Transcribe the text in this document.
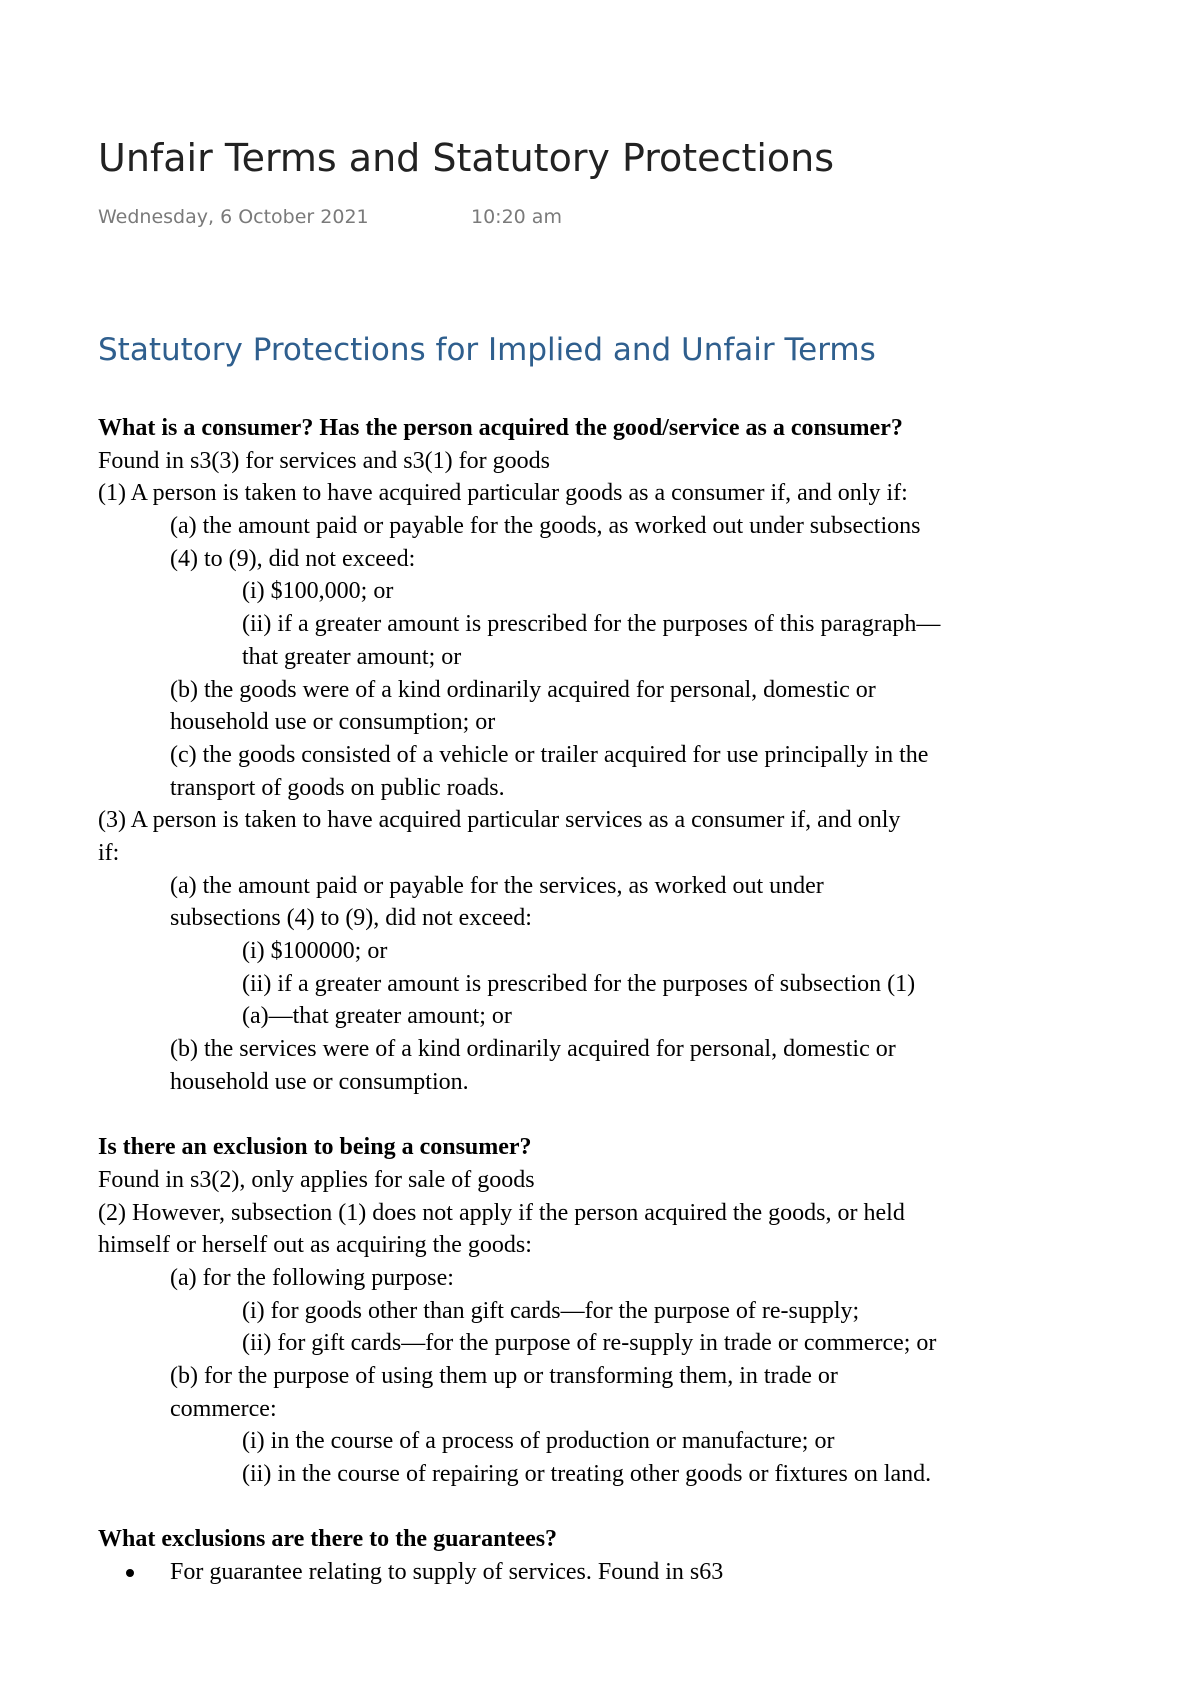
Unfair Terms and Statutory Protections
Wednesday, 6 October 2021	10:20 am
Statutory Protections for Implied and Unfair Terms
What is a consumer? Has the person acquired the good/service as a consumer?
Found in s3(3) for services and s3(1) for goods
(1) A person is taken to have acquired particular goods as a consumer if, and only if:
(a) the amount paid or payable for the goods, as worked out under subsections
(4) to (9), did not exceed:
(i) $100,000; or
(ii) if a greater amount is prescribed for the purposes of this paragraph—
that greater amount; or
(b) the goods were of a kind ordinarily acquired for personal, domestic or
household use or consumption; or
(c) the goods consisted of a vehicle or trailer acquired for use principally in the
transport of goods on public roads.
(3) A person is taken to have acquired particular services as a consumer if, and only
if:
(a) the amount paid or payable for the services, as worked out under
subsections (4) to (9), did not exceed:
(i) $100000; or
(ii) if a greater amount is prescribed for the purposes of subsection (1)
(a)—that greater amount; or
(b) the services were of a kind ordinarily acquired for personal, domestic or
household use or consumption.
Is there an exclusion to being a consumer?
Found in s3(2), only applies for sale of goods
(2) However, subsection (1) does not apply if the person acquired the goods, or held
himself or herself out as acquiring the goods:
(a) for the following purpose:
(i) for goods other than gift cards—for the purpose of re-supply;
(ii) for gift cards—for the purpose of re-supply in trade or commerce; or
(b) for the purpose of using them up or transforming them, in trade or
commerce:
(i) in the course of a process of production or manufacture; or
(ii) in the course of repairing or treating other goods or fixtures on land.
What exclusions are there to the guarantees?
For guarantee relating to supply of services. Found in s63
